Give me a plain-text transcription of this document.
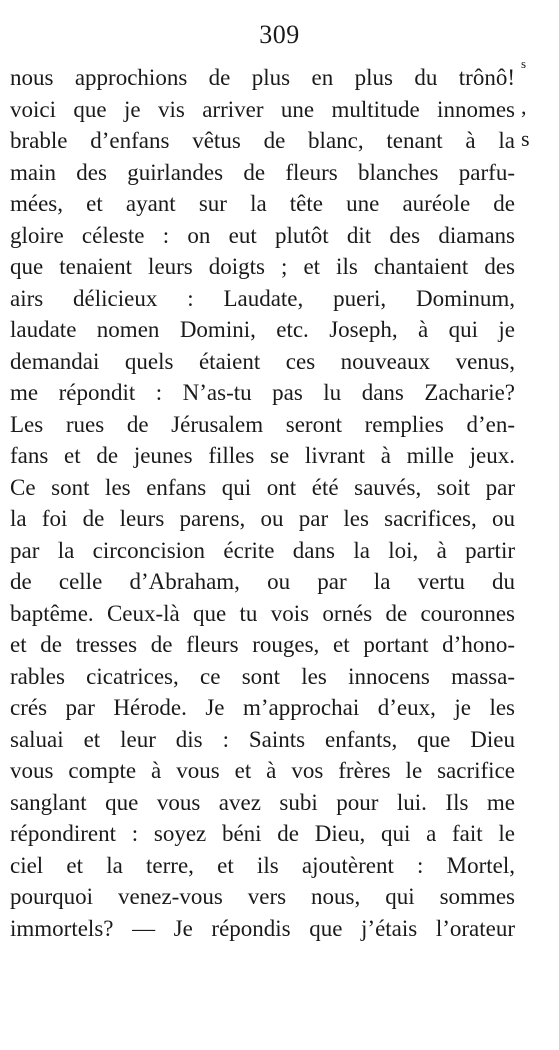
309
s
,
s
nous approchions de plus en plus du trônô!
voici que je vis arriver une multitude innomes
brable d’enfans vêtus de blanc, tenant à la
main des guirlandes de fleurs blanches parfu-
mées, et ayant sur la tête une auréole de
gloire céleste : on eut plutôt dit des diamans
que tenaient leurs doigts ; et ils chantaient des
airs délicieux : Laudate, pueri, Dominum,
laudate nomen Domini, etc. Joseph, à qui je
demandai quels étaient ces nouveaux venus,
me répondit : N’as-tu pas lu dans Zacharie?
Les rues de Jérusalem seront remplies d’en-
fans et de jeunes filles se livrant à mille jeux.
Ce sont les enfans qui ont été sauvés, soit par
la foi de leurs parens, ou par les sacrifices, ou
par la circoncision écrite dans la loi, à partir
de celle d’Abraham, ou par la vertu du
baptême. Ceux-là que tu vois ornés de couronnes
et de tresses de fleurs rouges, et portant d’hono-
rables cicatrices, ce sont les innocens massa-
crés par Hérode. Je m’approchai d’eux, je les
saluai et leur dis : Saints enfants, que Dieu
vous compte à vous et à vos frères le sacrifice
sanglant que vous avez subi pour lui. Ils me
répondirent : soyez béni de Dieu, qui a fait le
ciel et la terre, et ils ajoutèrent : Mortel,
pourquoi venez-vous vers nous, qui sommes
immortels? — Je répondis que j’étais l’orateur
